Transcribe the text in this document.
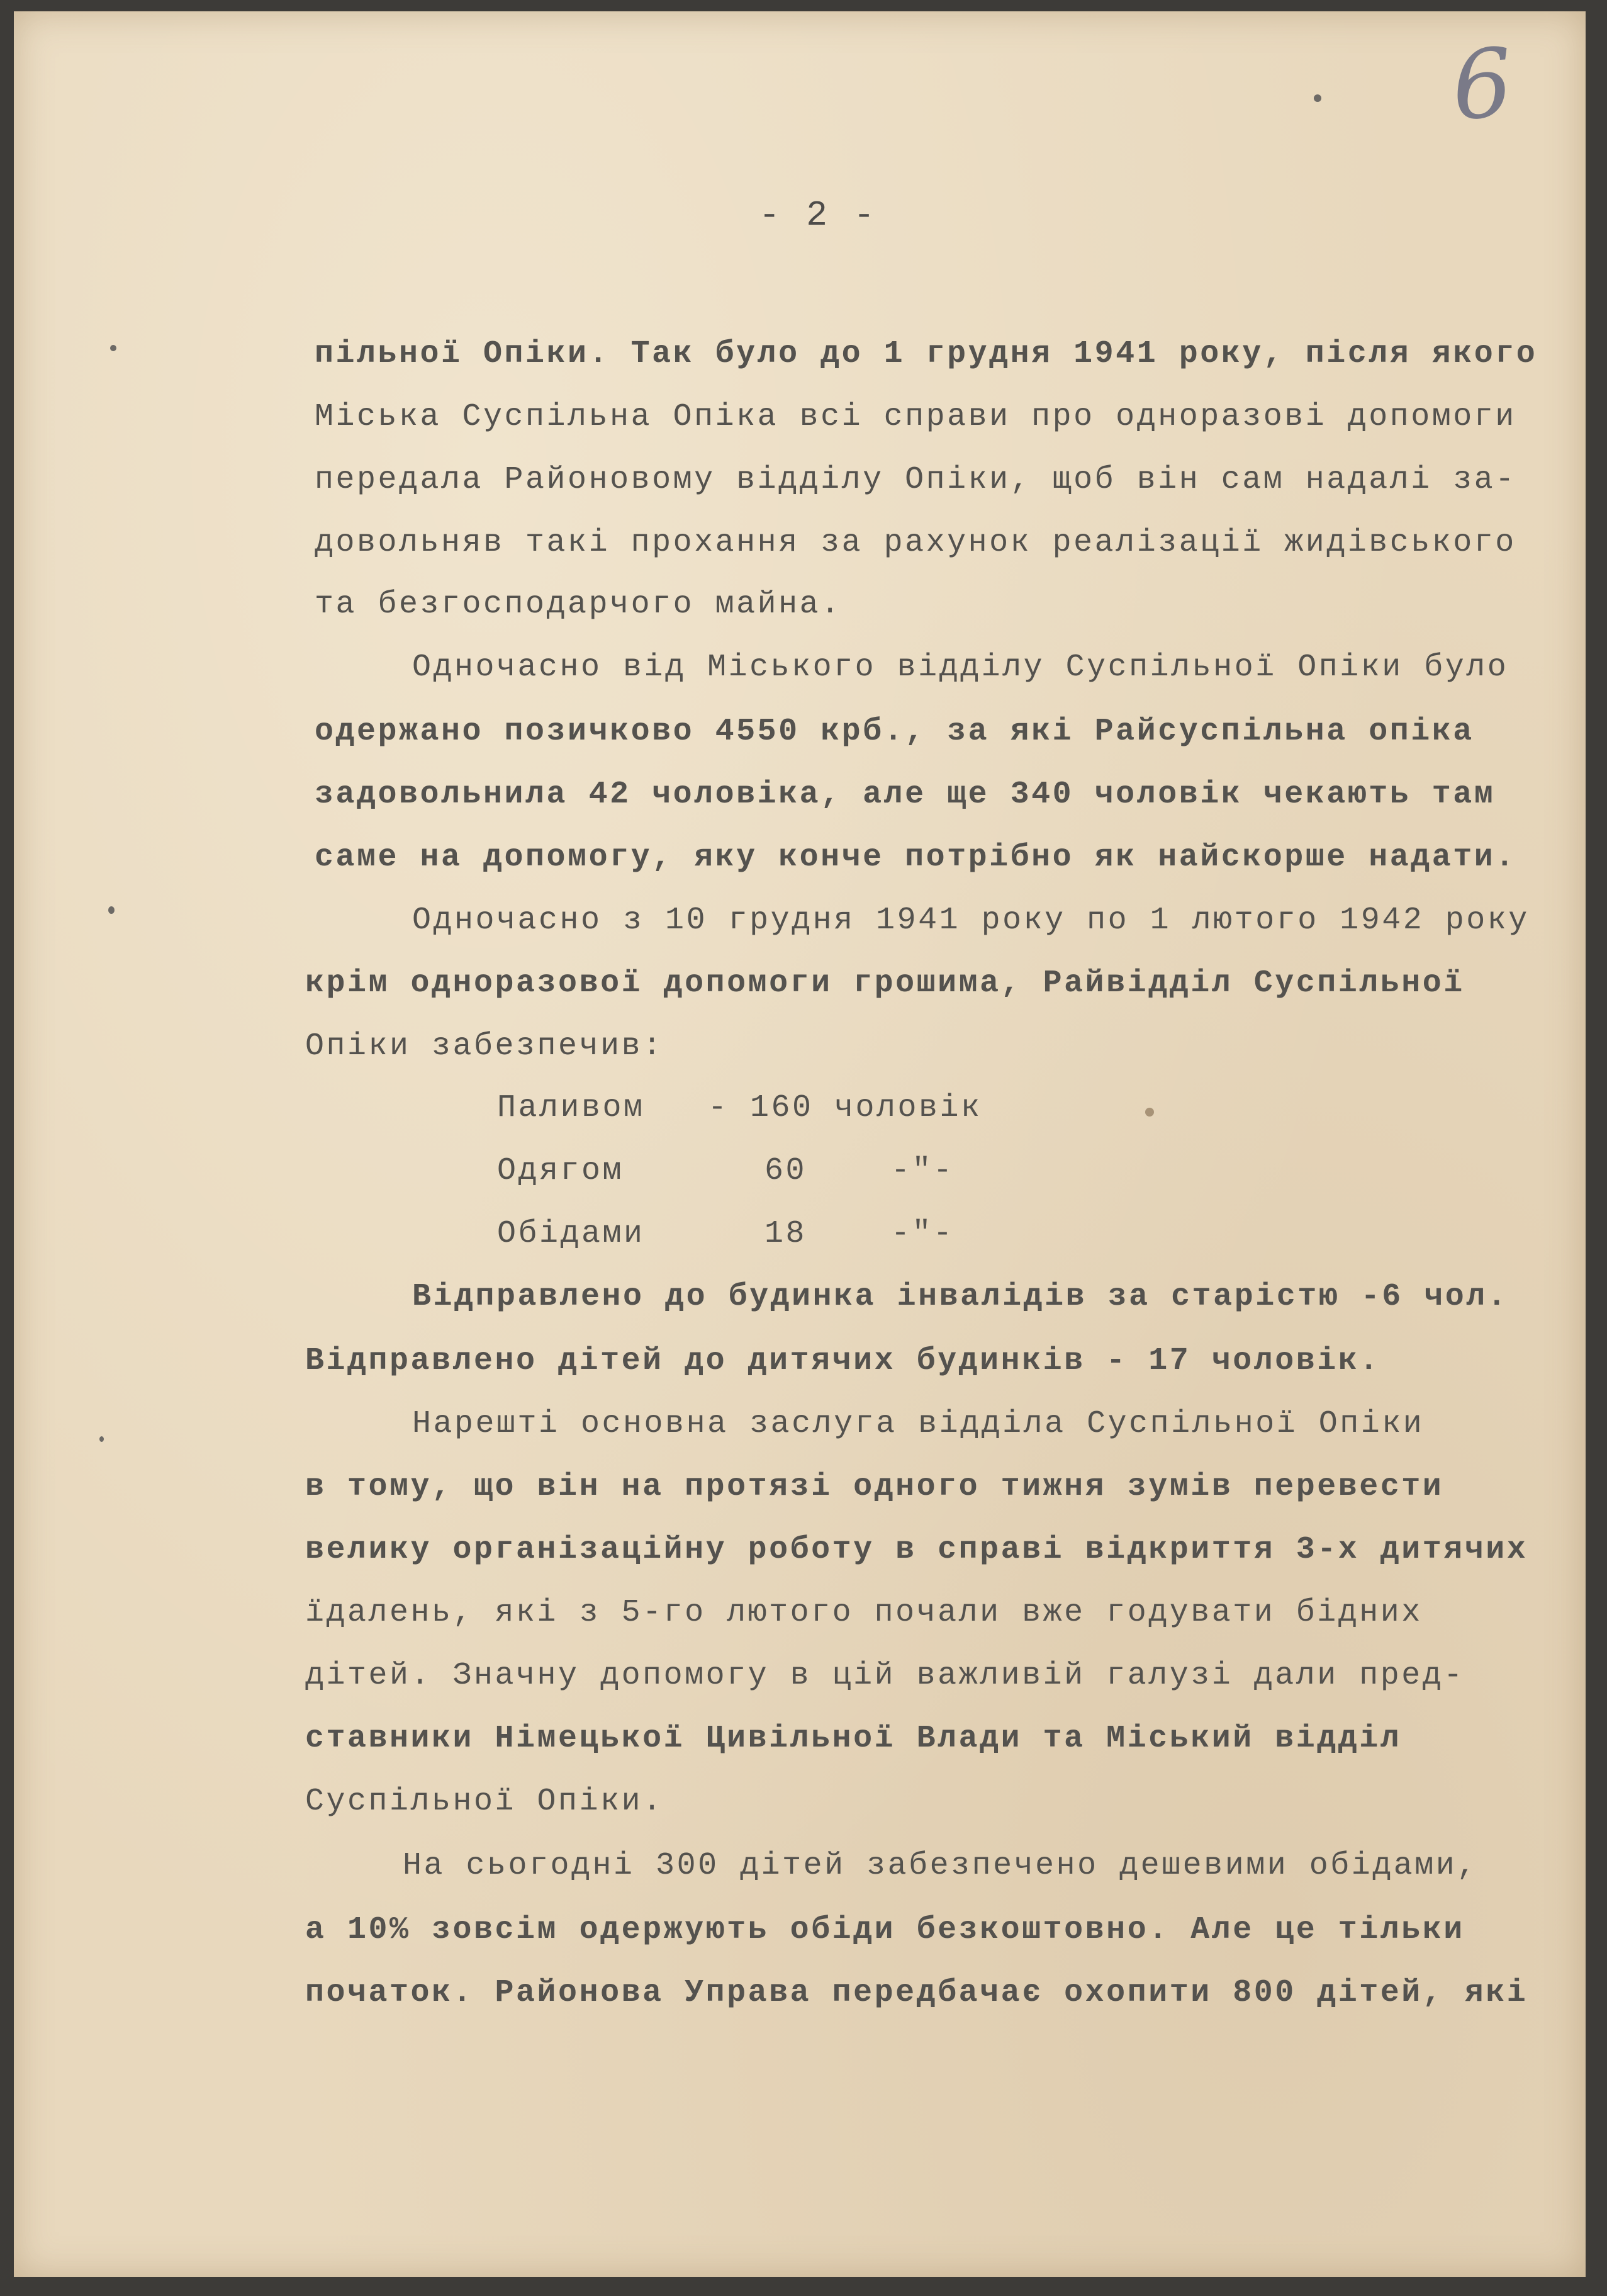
6
- 2 -

пільної Опіки. Так було до 1 грудня 1941 року, після якого

Міська Суспільна Опіка всі справи про одноразові допомоги

передала Районовому відділу Опіки, щоб він сам надалі за-

довольняв такі прохання за рахунок реалізації жидівського

та безгосподарчого майна.

Одночасно від Міського відділу Суспільної Опіки було

одержано позичково 4550 крб., за які Райсуспільна опіка

задовольнила 42 чоловіка, але ще 340 чоловік чекають там

саме на допомогу, яку конче потрібно як найскорше надати.

Одночасно з 10 грудня 1941 року по 1 лютого 1942 року

крім одноразової допомоги грошима, Райвідділ Суспільної

Опіки забезпечив:

Паливом

- 160 чоловік

Одягом

	60    -"-

Обідами

	18    -"-

Відправлено до будинка інвалідів за старістю -6 чол.

Відправлено дітей до дитячих будинків - 17 чоловік.

Нарешті основна заслуга відділа Суспільної Опіки

в тому, що він на протязі одного тижня зумів перевести

велику організаційну роботу в справі відкриття 3-х дитячих

їдалень, які з 5-го лютого почали вже годувати бідних

дітей. Значну допомогу в цій важливій галузі дали пред-

ставники Німецької Цивільної Влади та Міський відділ

Суспільної Опіки.

На сьогодні 300 дітей забезпечено дешевими обідами,

а 10% зовсім одержують обіди безкоштовно. Але це тільки

початок. Районова Управа передбачає охопити 800 дітей, які
